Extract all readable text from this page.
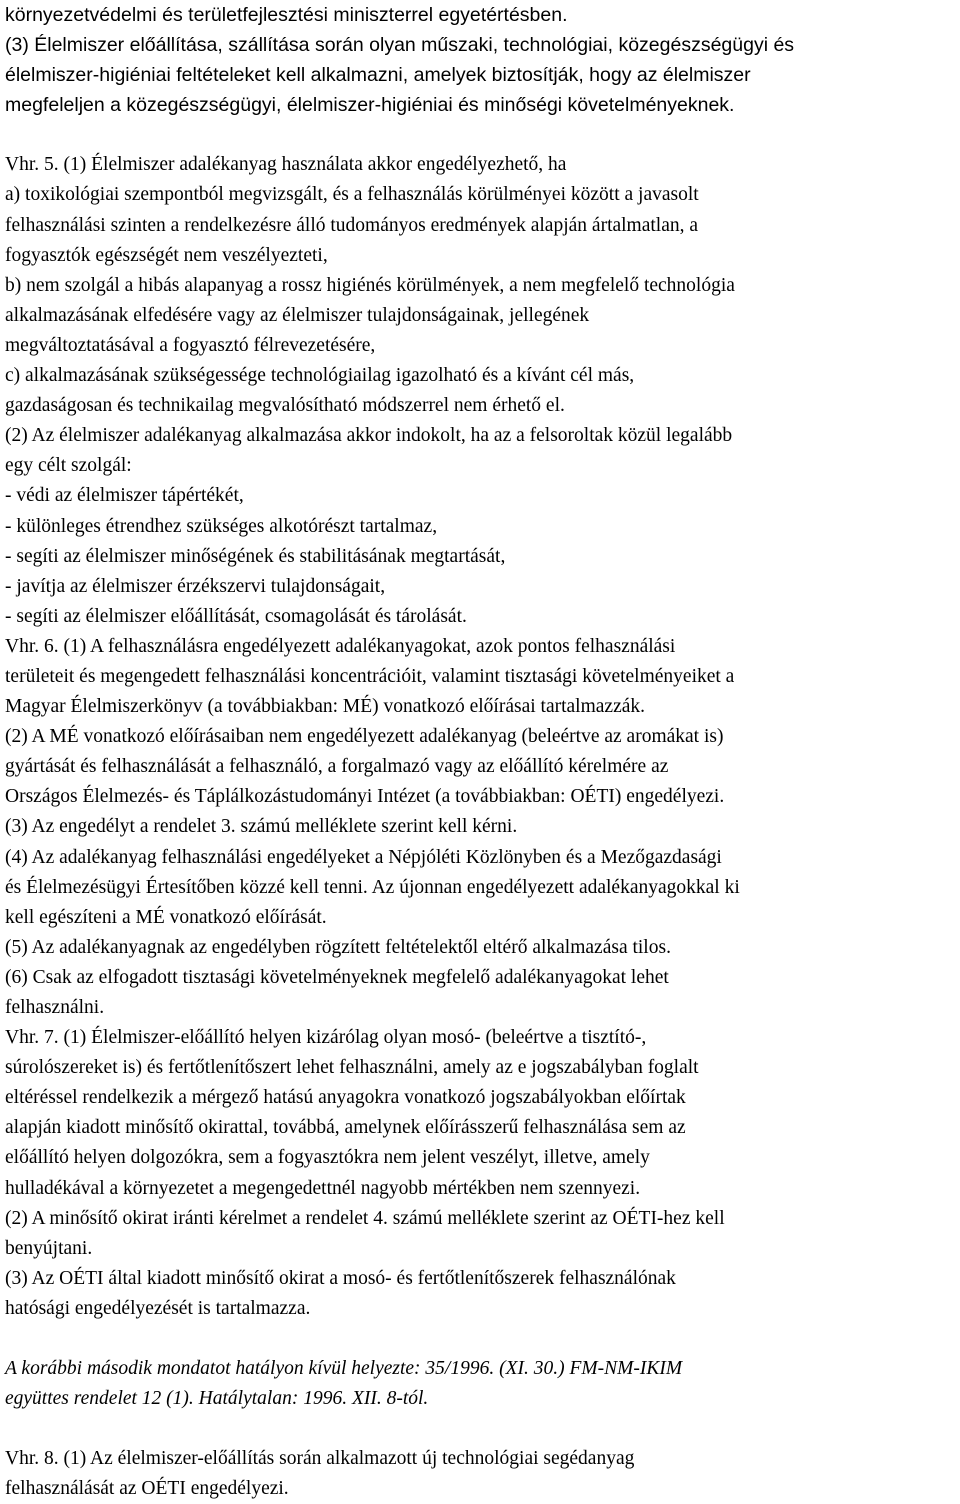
környezetvédelmi és területfejlesztési miniszterrel egyetértésben.
(3) Élelmiszer előállítása, szállítása során olyan műszaki, technológiai, közegészségügyi és
élelmiszer-higiéniai feltételeket kell alkalmazni, amelyek biztosítják, hogy az élelmiszer
megfeleljen a közegészségügyi, élelmiszer-higiéniai és minőségi követelményeknek.
Vhr. 5. (1) Élelmiszer adalékanyag használata akkor engedélyezhető, ha
a) toxikológiai szempontból megvizsgált, és a felhasználás körülményei között a javasolt
felhasználási szinten a rendelkezésre álló tudományos eredmények alapján ártalmatlan, a
fogyasztók egészségét nem veszélyezteti,
b) nem szolgál a hibás alapanyag a rossz higiénés körülmények, a nem megfelelő technológia
alkalmazásának elfedésére vagy az élelmiszer tulajdonságainak, jellegének
megváltoztatásával a fogyasztó félrevezetésére,
c) alkalmazásának szükségessége technológiailag igazolható és a kívánt cél más,
gazdaságosan és technikailag megvalósítható módszerrel nem érhető el.
(2) Az élelmiszer adalékanyag alkalmazása akkor indokolt, ha az a felsoroltak közül legalább
egy célt szolgál:
- védi az élelmiszer tápértékét,
- különleges étrendhez szükséges alkotórészt tartalmaz,
- segíti az élelmiszer minőségének és stabilitásának megtartását,
- javítja az élelmiszer érzékszervi tulajdonságait,
- segíti az élelmiszer előállítását, csomagolását és tárolását.
Vhr. 6. (1) A felhasználásra engedélyezett adalékanyagokat, azok pontos felhasználási
területeit és megengedett felhasználási koncentrációit, valamint tisztasági követelményeiket a
Magyar Élelmiszerkönyv (a továbbiakban: MÉ) vonatkozó előírásai tartalmazzák.
(2) A MÉ vonatkozó előírásaiban nem engedélyezett adalékanyag (beleértve az aromákat is)
gyártását és felhasználását a felhasználó, a forgalmazó vagy az előállító kérelmére az
Országos Élelmezés- és Táplálkozástudományi Intézet (a továbbiakban: OÉTI) engedélyezi.
(3) Az engedélyt a rendelet 3. számú melléklete szerint kell kérni.
(4) Az adalékanyag felhasználási engedélyeket a Népjóléti Közlönyben és a Mezőgazdasági
és Élelmezésügyi Értesítőben közzé kell tenni. Az újonnan engedélyezett adalékanyagokkal ki
kell egészíteni a MÉ vonatkozó előírását.
(5) Az adalékanyagnak az engedélyben rögzített feltételektől eltérő alkalmazása tilos.
(6) Csak az elfogadott tisztasági követelményeknek megfelelő adalékanyagokat lehet
felhasználni.
Vhr. 7. (1) Élelmiszer-előállító helyen kizárólag olyan mosó- (beleértve a tisztító-,
súrolószereket is) és fertőtlenítőszert lehet felhasználni, amely az e jogszabályban foglalt
eltéréssel rendelkezik a mérgező hatású anyagokra vonatkozó jogszabályokban előírtak
alapján kiadott minősítő okirattal, továbbá, amelynek előírásszerű felhasználása sem az
előállító helyen dolgozókra, sem a fogyasztókra nem jelent veszélyt, illetve, amely
hulladékával a környezetet a megengedettnél nagyobb mértékben nem szennyezi.
(2) A minősítő okirat iránti kérelmet a rendelet 4. számú melléklete szerint az OÉTI-hez kell
benyújtani.
(3) Az OÉTI által kiadott minősítő okirat a mosó- és fertőtlenítőszerek felhasználónak
hatósági engedélyezését is tartalmazza.
A korábbi második mondatot hatályon kívül helyezte: 35/1996. (XI. 30.) FM-NM-IKIM
együttes rendelet 12 (1). Hatálytalan: 1996. XII. 8-tól.
Vhr. 8. (1) Az élelmiszer-előállítás során alkalmazott új technológiai segédanyag
felhasználását az OÉTI engedélyezi.
